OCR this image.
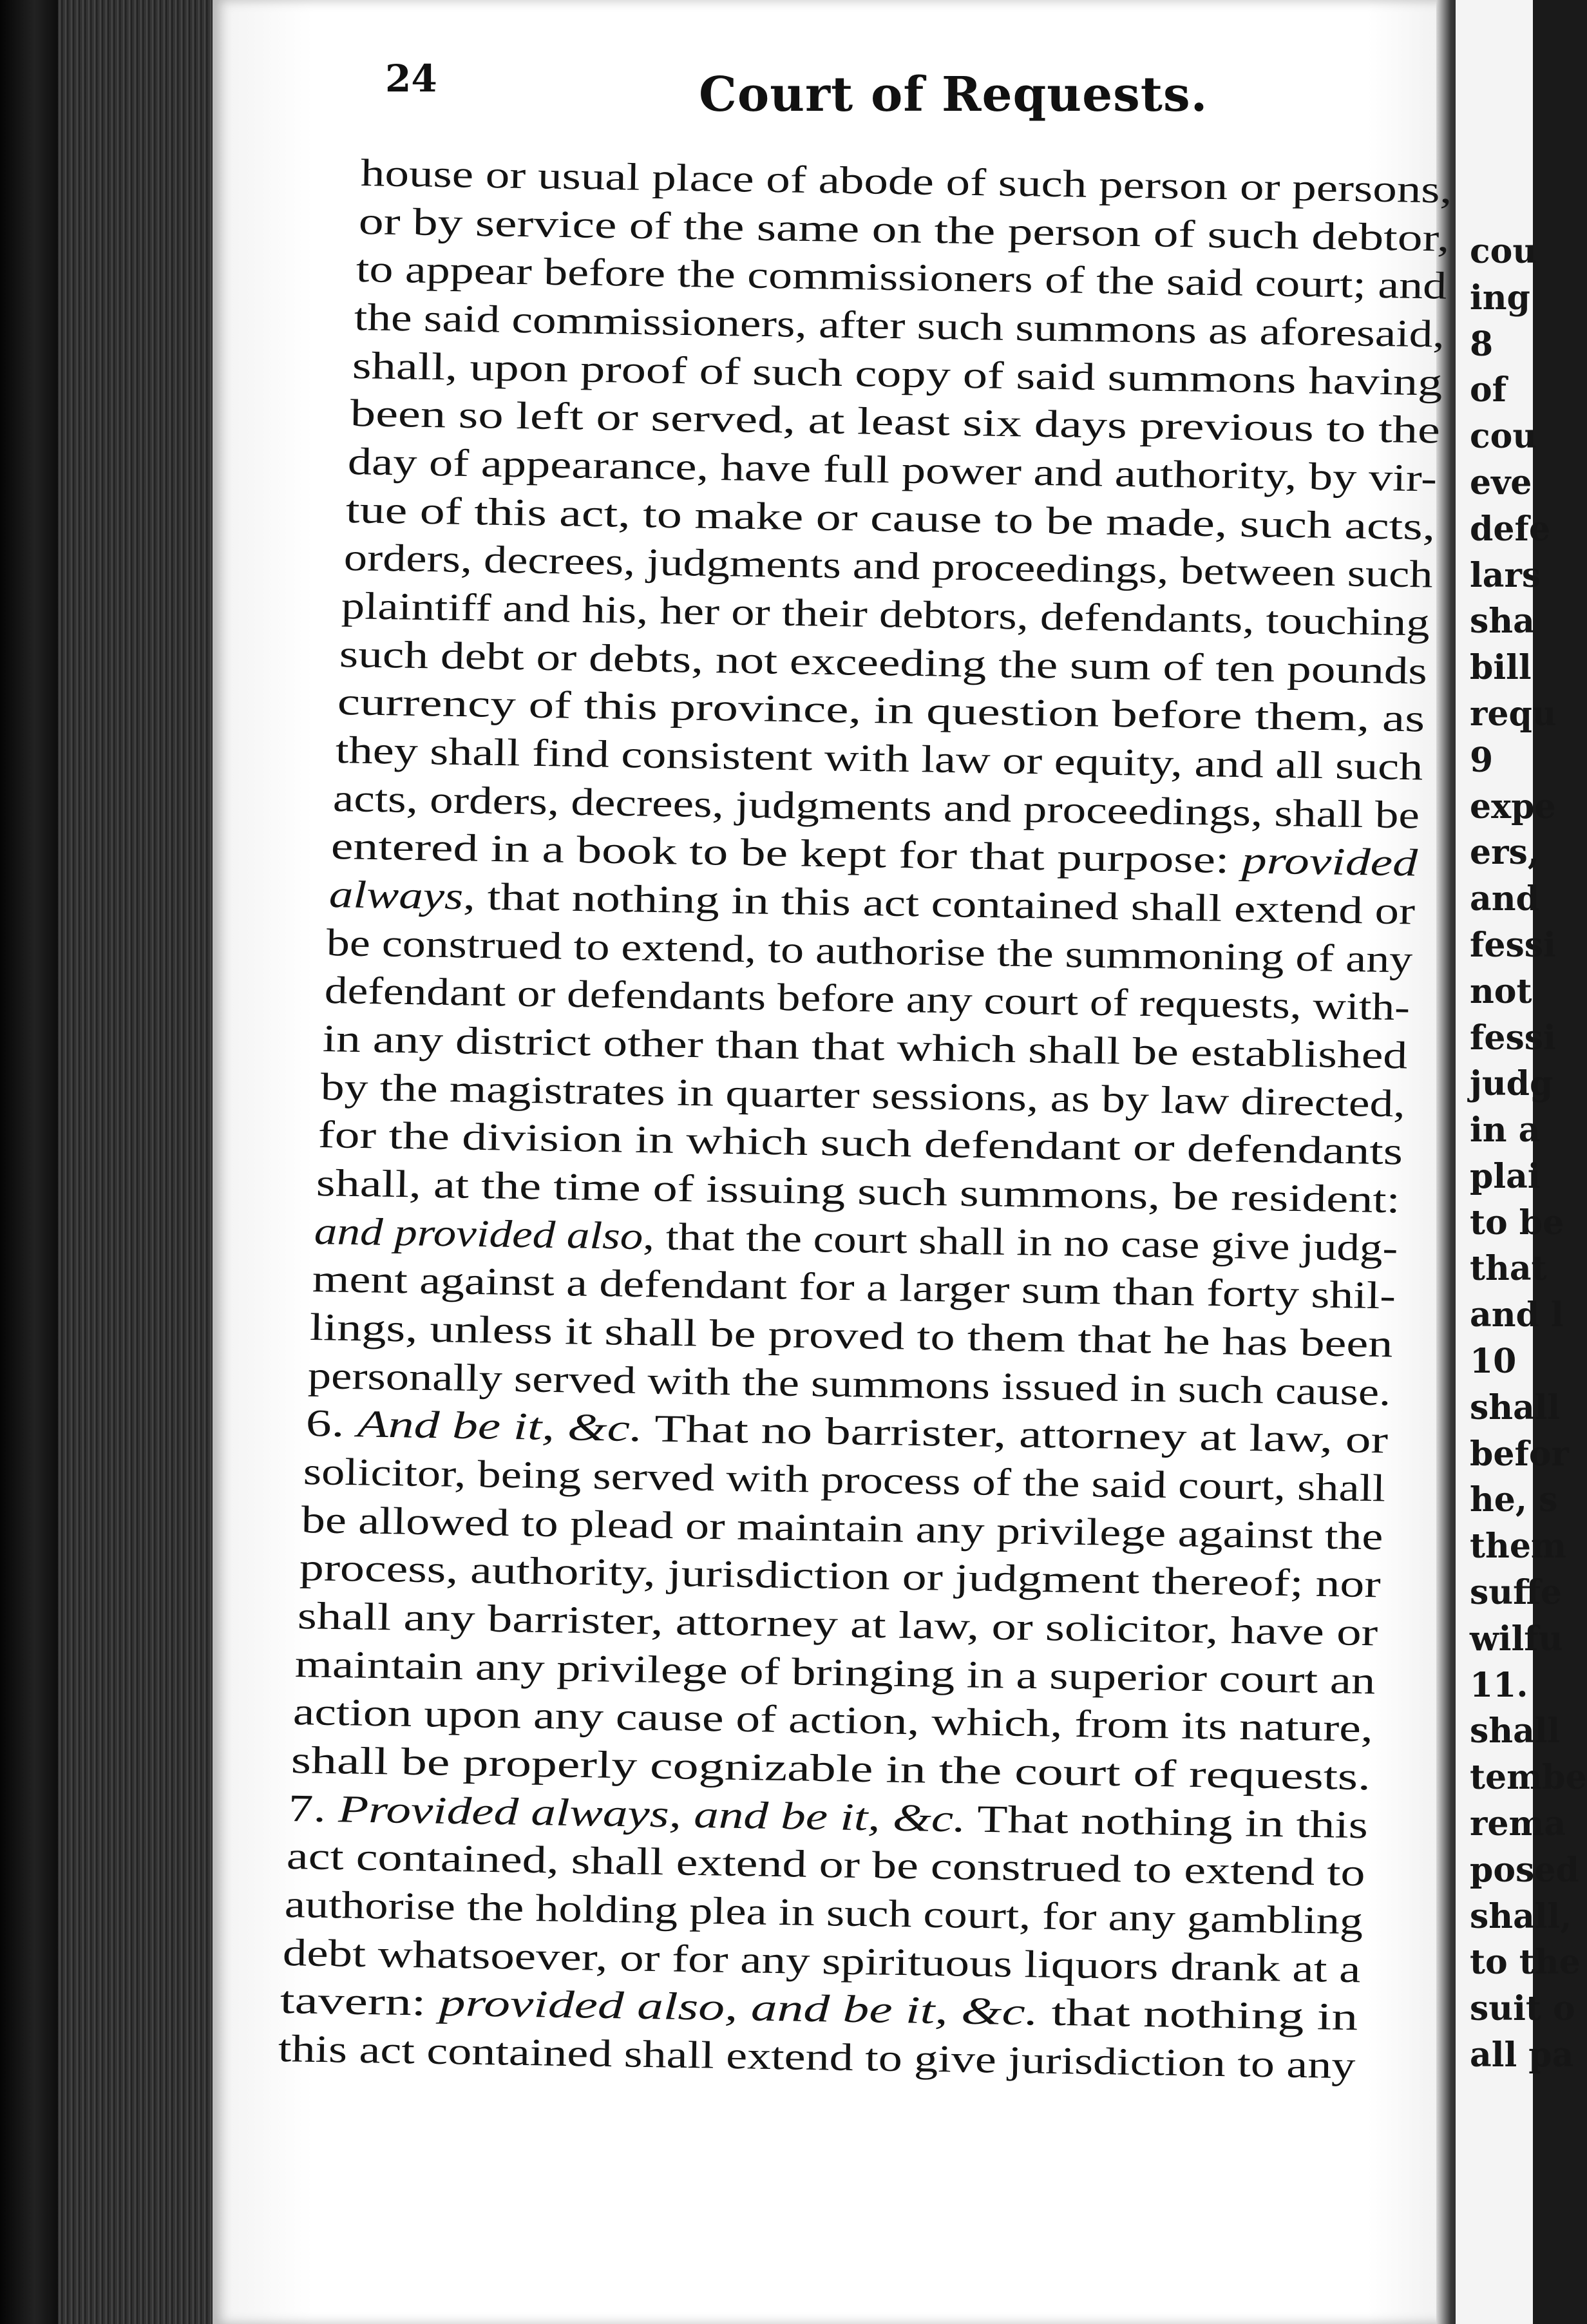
cou
ing
8
of
cou
eve
defe
lars
sha
bill
requ
9
expe
ers,
and
fessi
not
fessi
judg
in a
plai
to be
that
and l
10
shall
befor
he, s
them
suffe
wilfu
11.
shall
tembe
rema
posed
shall,
to the
suit o
all pa
24	Court of Requests.
house or usual place of abode of such person or persons,
or by service of the same on the person of such debtor,
to appear before the commissioners of the said court; and
the said commissioners, after such summons as aforesaid,
shall, upon proof of such copy of said summons having
been so left or served, at least six days previous to the
day of appearance, have full power and authority, by vir-
tue of this act, to make or cause to be made, such acts,
orders, decrees, judgments and proceedings, between such
plaintiff and his, her or their debtors, defendants, touching
such debt or debts, not exceeding the sum of ten pounds
currency of this province, in question before them, as
they shall find consistent with law or equity, and all such
acts, orders, decrees, judgments and proceedings, shall be
entered in a book to be kept for that purpose: provided
always, that nothing in this act contained shall extend or
be construed to extend, to authorise the summoning of any
defendant or defendants before any court of requests, with-
in any district other than that which shall be established
by the magistrates in quarter sessions, as by law directed,
for the division in which such defendant or defendants
shall, at the time of issuing such summons, be resident:
and provided also, that the court shall in no case give judg-
ment against a defendant for a larger sum than forty shil-
lings, unless it shall be proved to them that he has been
personally served with the summons issued in such cause.
6. And be it, &c. That no barrister, attorney at law, or
solicitor, being served with process of the said court, shall
be allowed to plead or maintain any privilege against the
process, authority, jurisdiction or judgment thereof; nor
shall any barrister, attorney at law, or solicitor, have or
maintain any privilege of bringing in a superior court an
action upon any cause of action, which, from its nature,
shall be properly cognizable in the court of requests.
7. Provided always, and be it, &c. That nothing in this
act contained, shall extend or be construed to extend to
authorise the holding plea in such court, for any gambling
debt whatsoever, or for any spirituous liquors drank at a
tavern: provided also, and be it, &c. that nothing in
this act contained shall extend to give jurisdiction to any
